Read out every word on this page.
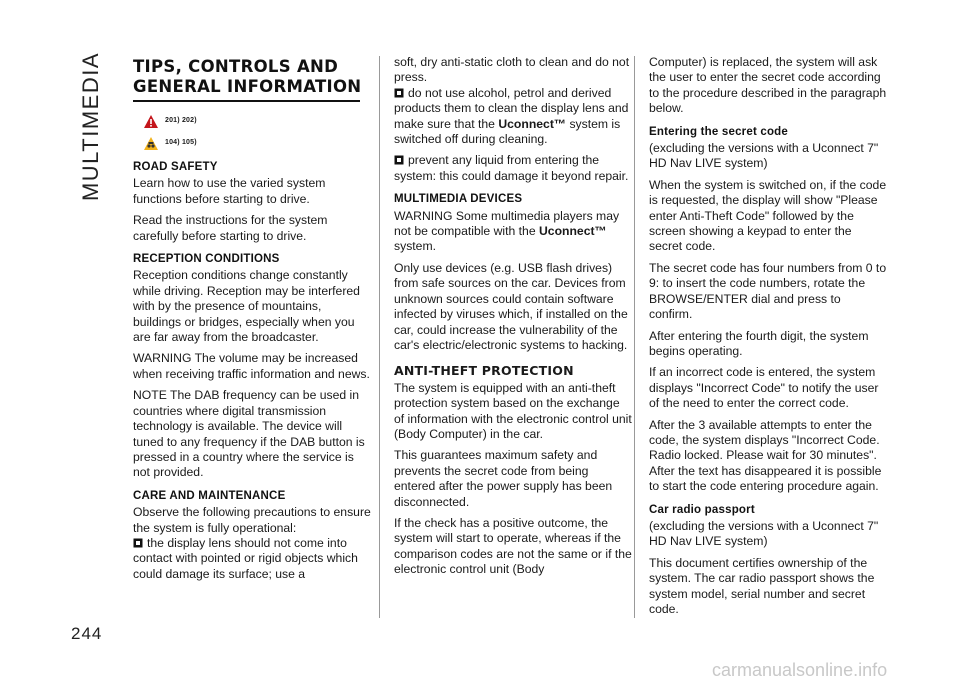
MULTIMEDIA
244
TIPS, CONTROLS AND
GENERAL INFORMATION
201) 202)
104) 105)
ROAD SAFETY

Learn how to use the varied system functions before starting to drive.

Read the instructions for the system carefully before starting to drive.

RECEPTION CONDITIONS

Reception conditions change constantly while driving. Reception may be interfered with by the presence of mountains, buildings or bridges, especially when you are far away from the broadcaster.

WARNING The volume may be increased when receiving traffic information and news.

NOTE The DAB frequency can be used in countries where digital transmission technology is available. The device will tuned to any frequency if the DAB button is pressed in a country where the service is not provided.

CARE AND MAINTENANCE

Observe the following precautions to ensure the system is fully operational:

the display lens should not come into contact with pointed or rigid objects which could damage its surface; use a

soft, dry anti-static cloth to clean and do not press.

do not use alcohol, petrol and derived products them to clean the display lens and make sure that the Uconnect™ system is switched off during cleaning.

prevent any liquid from entering the system: this could damage it beyond repair.

MULTIMEDIA DEVICES

WARNING Some multimedia players may not be compatible with the Uconnect™ system.

Only use devices (e.g. USB flash drives) from safe sources on the car. Devices from unknown sources could contain software infected by viruses which, if installed on the car, could increase the vulnerability of the car's electric/electronic systems to hacking.

ANTI-THEFT PROTECTION

The system is equipped with an anti-theft protection system based on the exchange of information with the electronic control unit (Body Computer) in the car.

This guarantees maximum safety and prevents the secret code from being entered after the power supply has been disconnected.

If the check has a positive outcome, the system will start to operate, whereas if the comparison codes are not the same or if the electronic control unit (Body

Computer) is replaced, the system will ask the user to enter the secret code according to the procedure described in the paragraph below.

Entering the secret code

(excluding the versions with a Uconnect 7" HD Nav LIVE system)

When the system is switched on, if the code is requested, the display will show "Please enter Anti-Theft Code" followed by the screen showing a keypad to enter the secret code.

The secret code has four numbers from 0 to 9: to insert the code numbers, rotate the BROWSE/ENTER dial and press to confirm.

After entering the fourth digit, the system begins operating.

If an incorrect code is entered, the system displays "Incorrect Code" to notify the user of the need to enter the correct code.

After the 3 available attempts to enter the code, the system displays "Incorrect Code. Radio locked. Please wait for 30 minutes". After the text has disappeared it is possible to start the code entering procedure again.

Car radio passport

(excluding the versions with a Uconnect 7" HD Nav LIVE system)

This document certifies ownership of the system. The car radio passport shows the system model, serial number and secret code.

carmanualsonline.info
